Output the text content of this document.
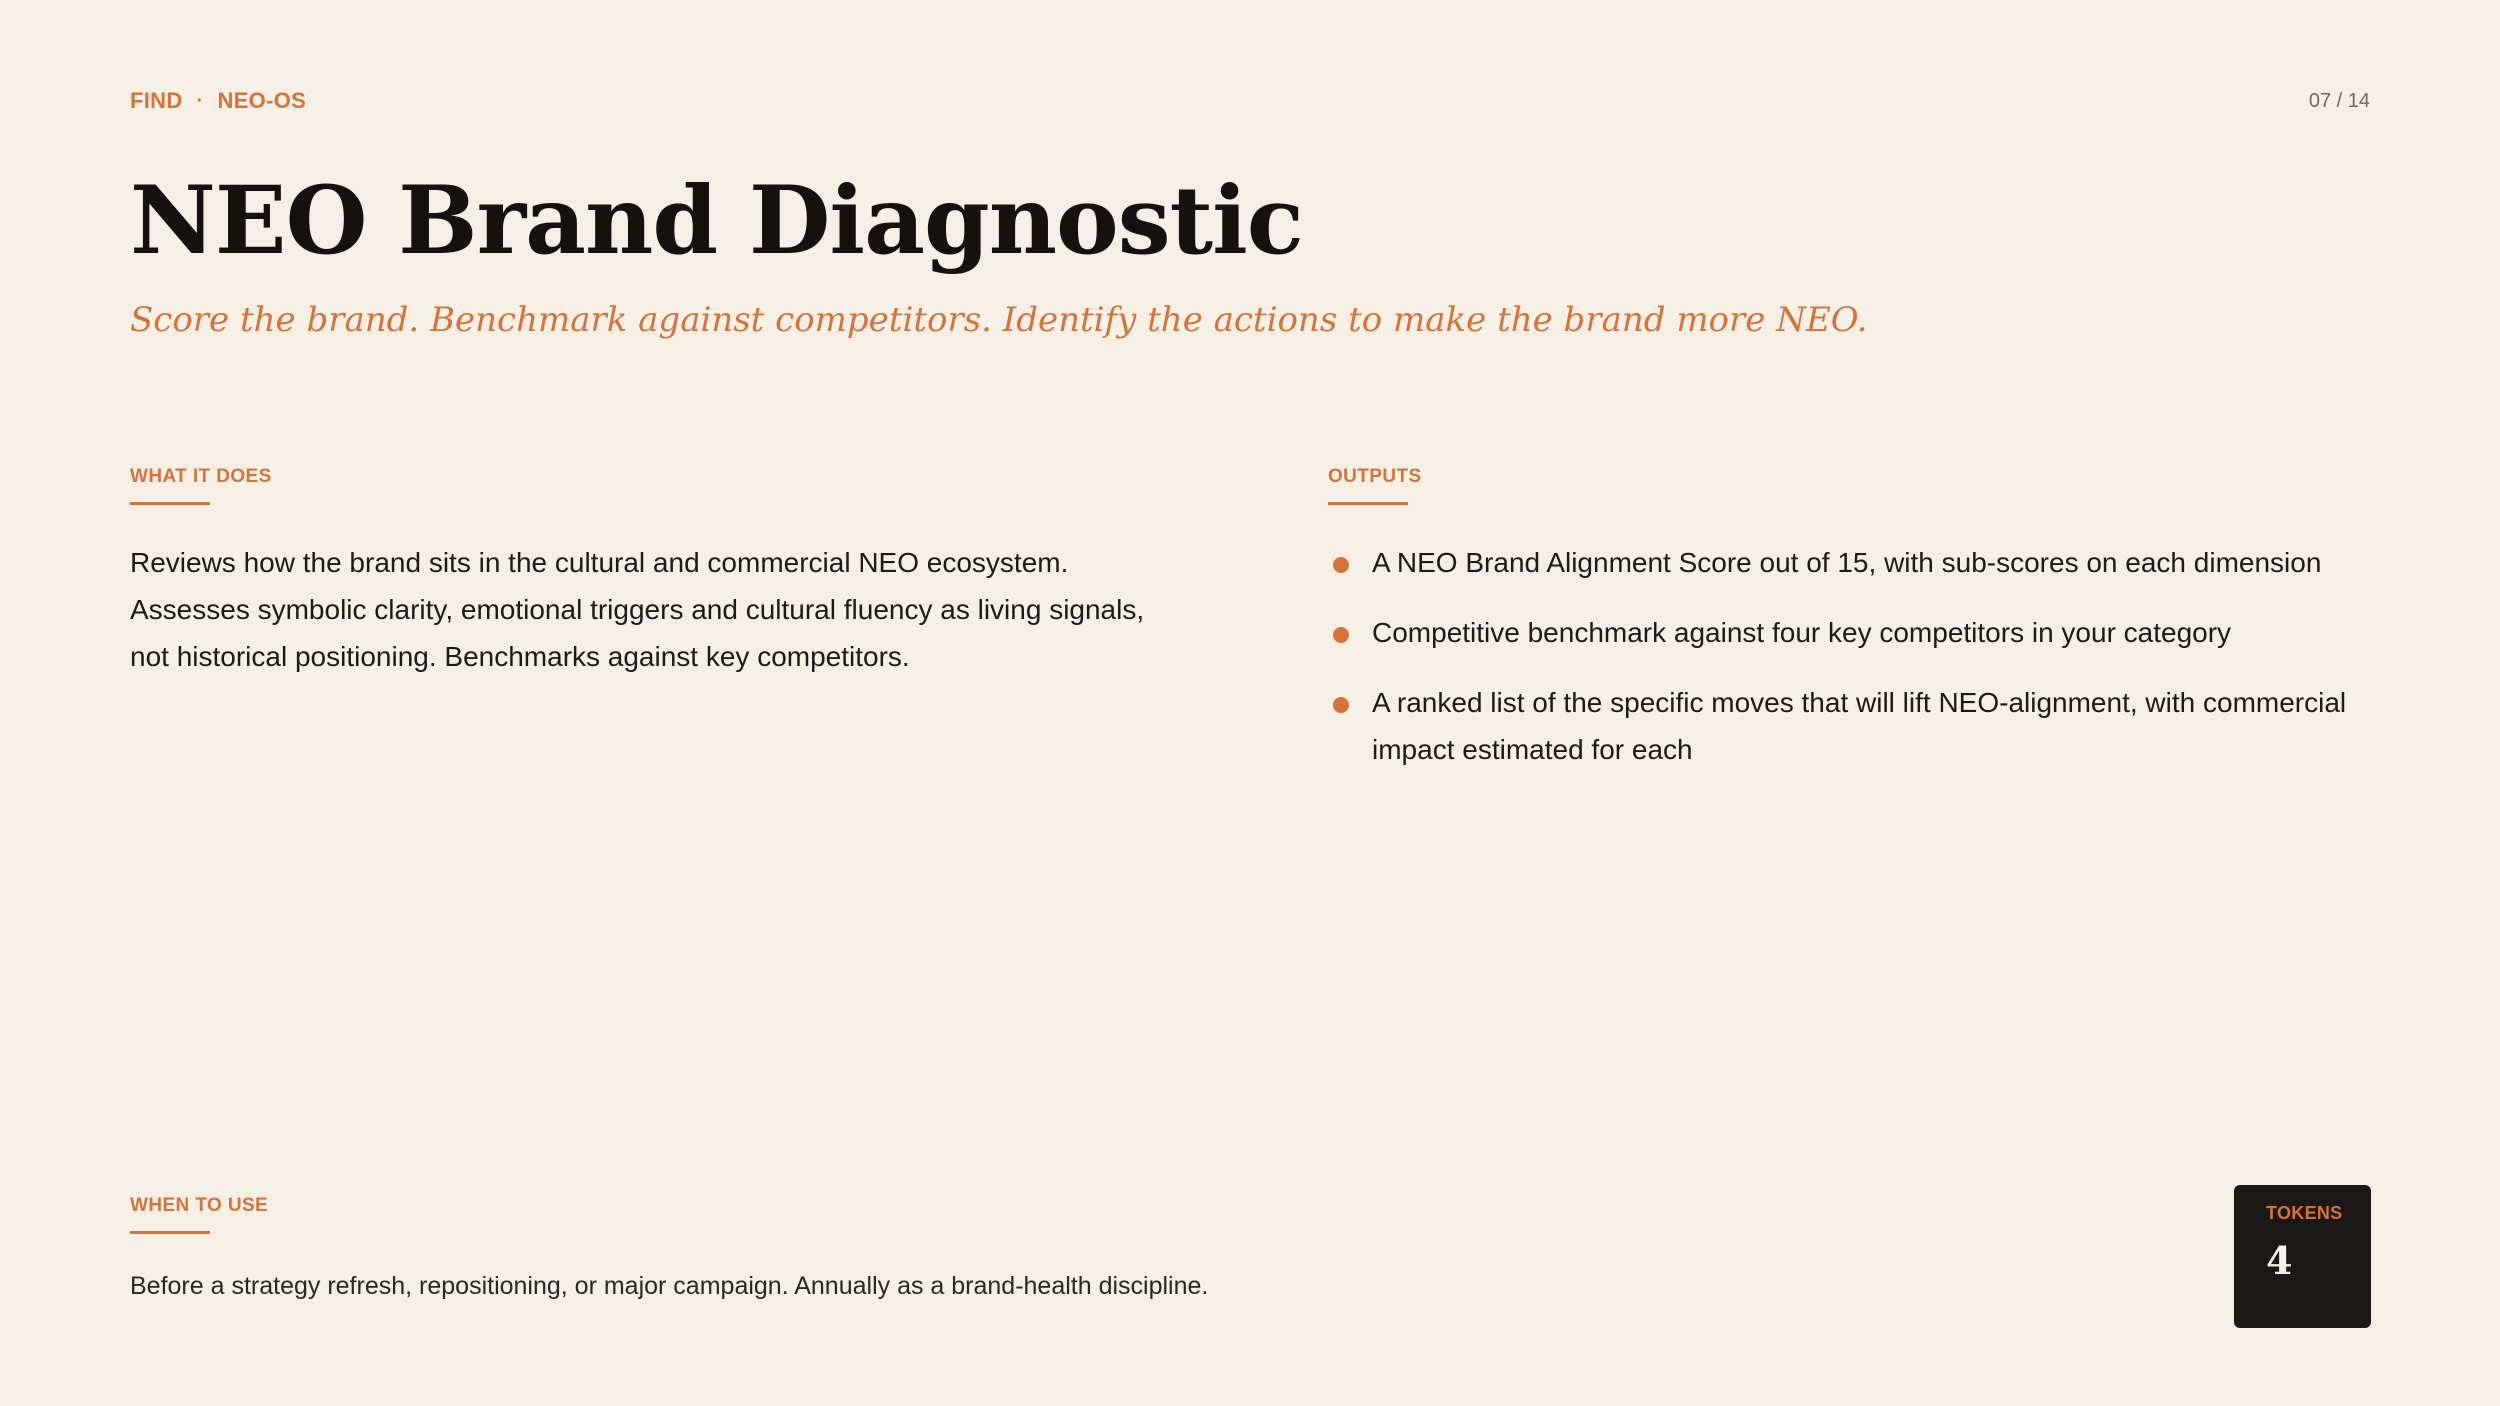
FIND · NEO-OS	07 / 14
NEO Brand Diagnostic
Score the brand. Benchmark against competitors. Identify the actions to make the brand more NEO.
WHAT IT DOES

Reviews how the brand sits in the cultural and commercial NEO ecosystem. Assesses symbolic clarity, emotional triggers and cultural fluency as living signals, not historical positioning. Benchmarks against key competitors.

OUTPUTS
A NEO Brand Alignment Score out of 15, with sub-scores on each dimension
Competitive benchmark against four key competitors in your category
A ranked list of the specific moves that will lift NEO-alignment, with commercial impact estimated for each
WHEN TO USE

Before a strategy refresh, repositioning, or major campaign. Annually as a brand-health discipline.

TOKENS
4
